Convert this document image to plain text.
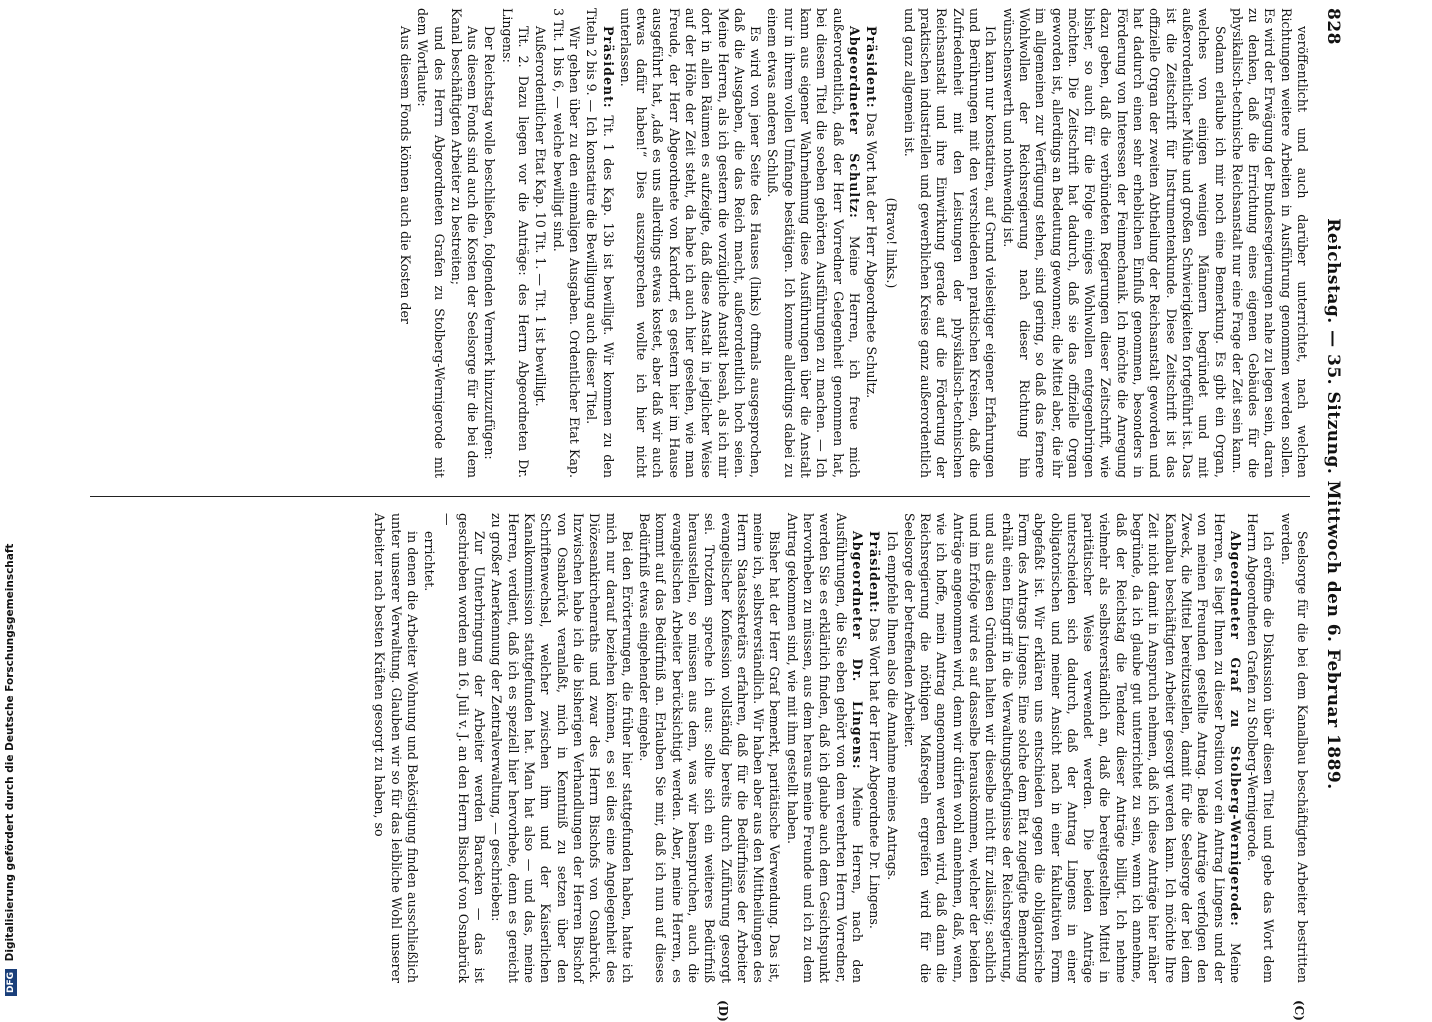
828
Reichstag. — 35. Sitzung. Mittwoch den 6. Februar 1889.
(C)
(D)

veröffentlicht und auch darüber unterrichtet, nach welchen Richtungen weitere Arbeiten in Ausführung genommen werden sollen. Es wird der Erwägung der Bundesregierungen nahe zu legen sein, daran zu denken, daß die Errichtung eines eigenen Gebäudes für die physikalisch-technische Reichsanstalt nur eine Frage der Zeit sein kann.

Sodann erlaube ich mir noch eine Bemerkung. Es gibt ein Organ, welches von einigen wenigen Männern begründet und mit außerordentlicher Mühe und großen Schwierigkeiten fortgeführt ist. Das ist die Zeitschrift für Instrumentenkunde. Diese Zeitschrift ist das offizielle Organ der zweiten Abtheilung der Reichsanstalt geworden und hat dadurch einen sehr erheblichen Einfluß genommen, besonders in Förderung von Interessen der Feinmechanik. Ich möchte die Anregung dazu geben, daß die verbündeten Regierungen dieser Zeitschrift, wie bisher, so auch für die Folge einiges Wohlwollen entgegenbringen möchten. Die Zeitschrift hat dadurch, daß sie das offizielle Organ geworden ist, allerdings an Bedeutung gewonnen; die Mittel aber, die ihr im allgemeinen zur Verfügung stehen, sind gering, so daß das fernere Wohlwollen der Reichsregierung nach dieser Richtung hin wünschenswerth und nothwendig ist.

Ich kann nur konstatiren, auf Grund vielseitiger eigener Erfahrungen und Berührungen mit den verschiedenen praktischen Kreisen, daß die Zufriedenheit mit den Leistungen der physikalisch-technischen Reichsanstalt und ihre Einwirkung gerade auf die Förderung der praktischen industriellen und gewerblichen Kreise ganz außerordentlich und ganz allgemein ist.

(Bravo! links.)

Präsident: Das Wort hat der Herr Abgeordnete Schultz.

Abgeordneter Schultz: Meine Herren, ich freue mich außerordentlich, daß der Herr Vorredner Gelegenheit genommen hat, bei diesem Titel die soeben gehörten Ausführungen zu machen. — Ich kann aus eigener Wahrnehmung diese Ausführungen über die Anstalt nur in ihrem vollen Umfange bestätigen. Ich komme allerdings dabei zu einem etwas anderen Schluß.

Es wird von jener Seite des Hauses (links) oftmals ausgesprochen, daß die Ausgaben, die das Reich macht, außerordentlich hoch seien. Meine Herren, als ich gestern die vorzügliche Anstalt besah, als ich mir dort in allen Räumen es aufzeigte, daß diese Anstalt in jeglicher Weise auf der Höhe der Zeit steht, da habe ich auch hier gesehen, wie man Freude, der Herr Abgeordnete von Kardorff, es gestern hier im Hause ausgeführt hat, „daß es uns allerdings etwas kostet, aber daß wir auch etwas dafür haben!“ Dies auszusprechen wollte ich hier nicht unterlassen.

Präsident: Tit. 1 des Kap. 13b ist bewilligt. Wir kommen zu den Titeln 2 bis 9. — Ich konstatire die Bewilligung auch dieser Titel.

Wir gehen über zu den einmaligen Ausgaben. Ordentlicher Etat Kap. 3 Tit. 1 bis 6, — welche bewilligt sind.

Außerordentlicher Etat Kap. 10 Tit. 1. — Tit. 1 ist bewilligt.

Tit. 2. Dazu liegen vor die Anträge: des Herrn Abgeordneten Dr. Lingens:

Der Reichstag wolle beschließen, folgenden Vermerk hinzuzufügen:

Aus diesem Fonds sind auch die Kosten der Seelsorge für die bei dem Kanal beschäftigten Arbeiter zu bestreiten;

und des Herrn Abgeordneten Grafen zu Stolberg-Wernigerode mit dem Wortlaute:

Aus diesem Fonds können auch die Kosten der

Seelsorge für die bei dem Kanalbau beschäftigten Arbeiter bestritten werden.

Ich eröffne die Diskussion über diesen Titel und gebe das Wort dem Herrn Abgeordneten Grafen zu Stolberg-Wernigerode.

Abgeordneter Graf zu Stolberg-Wernigerode: Meine Herren, es liegt Ihnen zu dieser Position vor ein Antrag Lingens und der von meinen Freunden gestellte Antrag. Beide Anträge verfolgen den Zweck, die Mittel bereitzustellen, damit für die Seelsorge der bei dem Kanalbau beschäftigten Arbeiter gesorgt werden kann. Ich möchte Ihre Zeit nicht damit in Anspruch nehmen, daß ich diese Anträge hier näher begründe, da ich glaube gut unterrichtet zu sein, wenn ich annehme, daß der Reichstag die Tendenz dieser Anträge billigt. Ich nehme vielmehr als selbstverständlich an, daß die bereitgestellten Mittel in paritätischer Weise verwendet werden. Die beiden Anträge unterscheiden sich dadurch, daß der Antrag Lingens in einer obligatorischen und meiner Ansicht nach in einer fakultativen Form abgefaßt ist. Wir erklären uns entschieden gegen die obligatorische Form des Antrags Lingens. Eine solche dem Etat zugefügte Bemerkung erhält einen Eingriff in die Verwaltungsbefugnisse der Reichsregierung, und aus diesen Gründen halten wir dieselbe nicht für zulässig; sachlich und im Erfolge wird es auf dasselbe herauskommen, welcher der beiden Anträge angenommen wird, denn wir dürfen wohl annehmen, daß, wenn, wie ich hoffe, mein Antrag angenommen werden wird, daß dann die Reichsregierung die nöthigen Maßregeln ergreifen wird für die Seelsorge der betreffenden Arbeiter.

Ich empfehle Ihnen also die Annahme meines Antrags.

Präsident: Das Wort hat der Herr Abgeordnete Dr. Lingens.

Abgeordneter Dr. Lingens: Meine Herren, nach den Ausführungen, die Sie eben gehört von dem verehrten Herrn Vorredner, werden Sie es erklärlich finden, daß ich glaube auch dem Gesichtspunkt hervorheben zu müssen, aus dem heraus meine Freunde und ich zu dem Antrag gekommen sind, wie mit ihm gestellt haben.

Bisher hat der Herr Graf bemerkt, paritätische Verwendung. Das ist, meine ich, selbstverständlich. Wir haben aber aus den Mittheilungen des Herrn Staatssekretärs erfahren, daß für die Bedürfnisse der Arbeiter evangelischer Konfession vollständig bereits durch Zuführung gesorgt sei. Trotzdem spreche ich aus: sollte sich ein weiteres Bedürfniß herausstellen, so müssen aus dem, was wir beanspruchen, auch die evangelischen Arbeiter berücksichtigt werden. Aber, meine Herren, es kommt auf das Bedürfniß an. Erlauben Sie mir, daß ich nun auf dieses Bedürfniß etwas eingehender eingehe.

Bei den Erörterungen, die früher hier stattgefunden haben, hatte ich mich nur darauf beziehen können, es sei dies eine Angelegenheit des Diözesankirchenraths und zwar des Herrn Bischofs von Osnabrück. Inzwischen habe ich die bisherigen Verhandlungen der Herren Bischof von Osnabrück veranlaßt, mich in Kenntniß zu setzen über den Schriftenwechsel, welcher zwischen ihm und der Kaiserlichen Kanalkommission stattgefunden hat. Man hat also — und das, meine Herren, verdient, daß ich es speziell hier hervorhebe, denn es gereicht zu großer Anerkennung der Zentralverwaltung, — geschrieben:

Zur Unterbringung der Arbeiter werden Baracken — das ist geschrieben worden am 16. Juli v. J. an den Herrn Bischof von Osnabrück —

errichtet.

in denen die Arbeiter Wohnung und Beköstigung finden ausschließlich unter unserer Verwaltung. Glauben wir so für das leibliche Wohl unserer Arbeiter nach besten Kräften gesorgt zu haben, so

DFG Digitalisierung gefördert durch die Deutsche Forschungsgemeinschaft
